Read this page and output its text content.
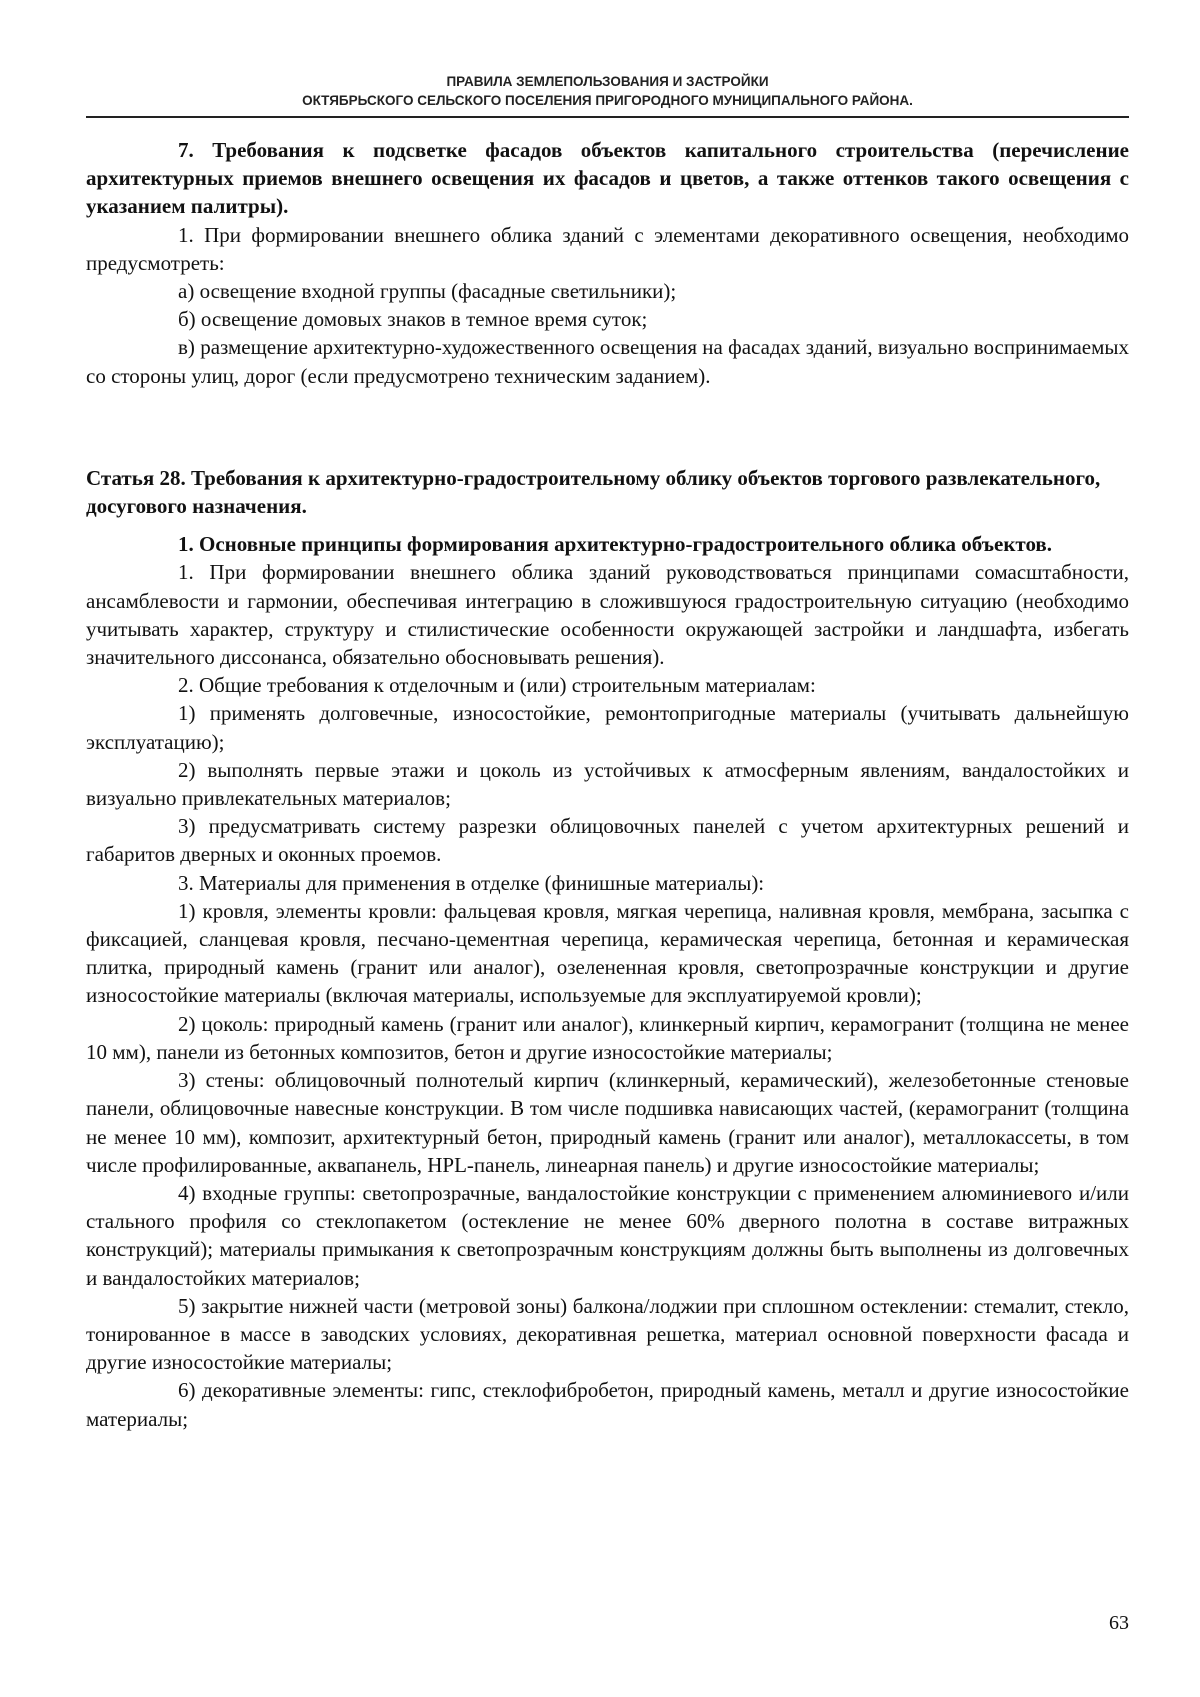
ПРАВИЛА ЗЕМЛЕПОЛЬЗОВАНИЯ И ЗАСТРОЙКИ
ОКТЯБРЬСКОГО СЕЛЬСКОГО ПОСЕЛЕНИЯ ПРИГОРОДНОГО МУНИЦИПАЛЬНОГО РАЙОНА.

7. Требования к подсветке фасадов объектов капитального строительства (перечисление архитектурных приемов внешнего освещения их фасадов и цветов, а также оттенков такого освещения с указанием палитры).

1. При формировании внешнего облика зданий с элементами декоративного освещения, необходимо предусмотреть:

а) освещение входной группы (фасадные светильники);

б) освещение домовых знаков в темное время суток;

в) размещение архитектурно-художественного освещения на фасадах зданий, визуально воспринимаемых со стороны улиц, дорог (если предусмотрено техническим заданием).

Статья 28. Требования к архитектурно-градостроительному облику объектов торгового развлекательного, досугового назначения.

1. Основные принципы формирования архитектурно-градостроительного облика объектов.

1. При формировании внешнего облика зданий руководствоваться принципами сомасштабности, ансамблевости и гармонии, обеспечивая интеграцию в сложившуюся градостроительную ситуацию (необходимо учитывать характер, структуру и стилистические особенности окружающей застройки и ландшафта, избегать значительного диссонанса, обязательно обосновывать решения).

2. Общие требования к отделочным и (или) строительным материалам:

1) применять долговечные, износостойкие, ремонтопригодные материалы (учитывать дальнейшую эксплуатацию);

2) выполнять первые этажи и цоколь из устойчивых к атмосферным явлениям, вандалостойких и визуально привлекательных материалов;

3) предусматривать систему разрезки облицовочных панелей с учетом архитектурных решений и габаритов дверных и оконных проемов.

3. Материалы для применения в отделке (финишные материалы):

1) кровля, элементы кровли: фальцевая кровля, мягкая черепица, наливная кровля, мембрана, засыпка с фиксацией, сланцевая кровля, песчано-цементная черепица, керамическая черепица, бетонная и керамическая плитка, природный камень (гранит или аналог), озелененная кровля, светопрозрачные конструкции и другие износостойкие материалы (включая материалы, используемые для эксплуатируемой кровли);

2) цоколь: природный камень (гранит или аналог), клинкерный кирпич, керамогранит (толщина не менее 10 мм), панели из бетонных композитов, бетон и другие износостойкие материалы;

3) стены: облицовочный полнотелый кирпич (клинкерный, керамический), железобетонные стеновые панели, облицовочные навесные конструкции. В том числе подшивка нависающих частей, (керамогранит (толщина не менее 10 мм), композит, архитектурный бетон, природный камень (гранит или аналог), металлокассеты, в том числе профилированные, аквапанель, HPL-панель, линеарная панель) и другие износостойкие материалы;

4) входные группы: светопрозрачные, вандалостойкие конструкции с применением алюминиевого и/или стального профиля со стеклопакетом (остекление не менее 60% дверного полотна в составе витражных конструкций); материалы примыкания к светопрозрачным конструкциям должны быть выполнены из долговечных и вандалостойких материалов;

5) закрытие нижней части (метровой зоны) балкона/лоджии при сплошном остеклении: стемалит, стекло, тонированное в массе в заводских условиях, декоративная решетка, материал основной поверхности фасада и другие износостойкие материалы;

6) декоративные элементы: гипс, стеклофибробетон, природный камень, металл и другие износостойкие материалы;

63
